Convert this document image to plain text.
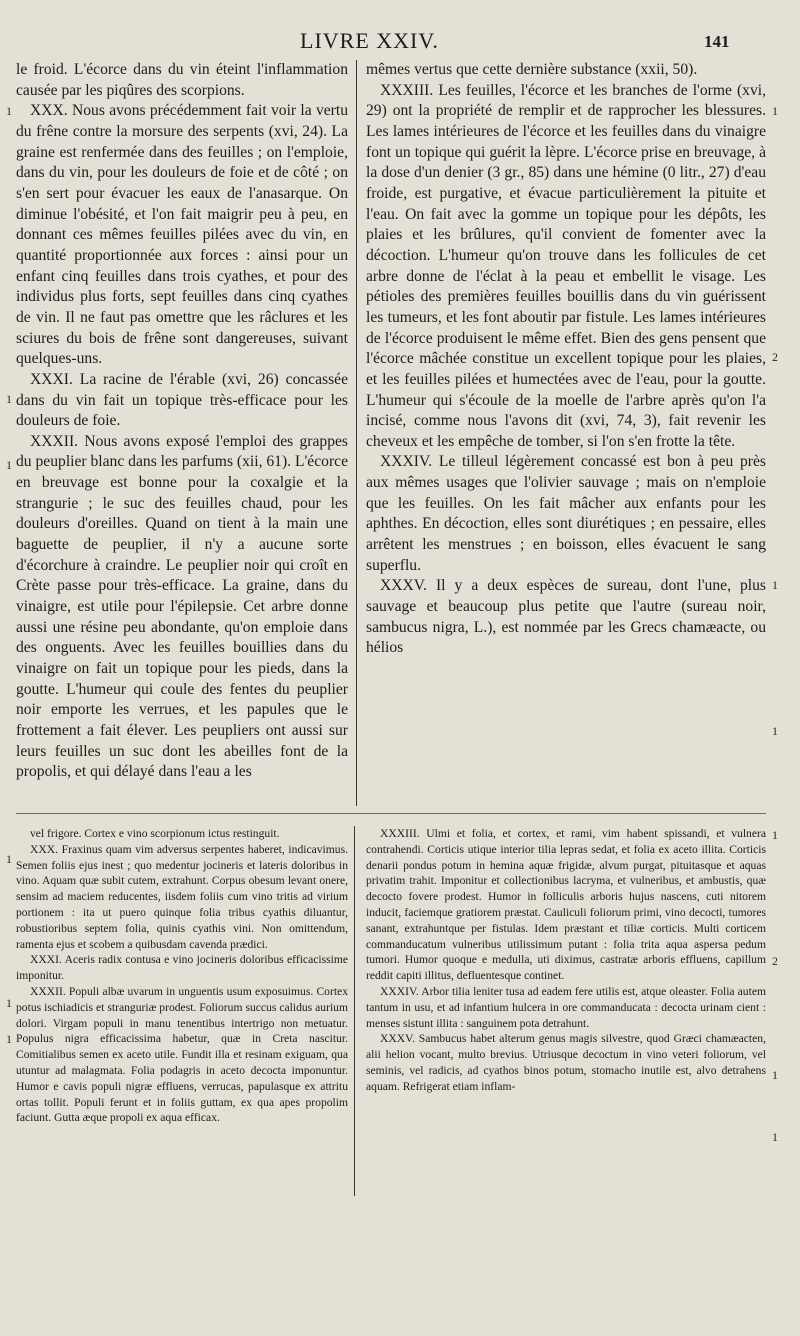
LIVRE XXIV.	141

le froid. L'écorce dans du vin éteint l'inflammation causée par les piqûres des scorpions.

XXX. Nous avons précédemment fait voir la vertu du frêne contre la morsure des serpents (xvi, 24). La graine est renfermée dans des feuilles ; on l'emploie, dans du vin, pour les douleurs de foie et de côté ; on s'en sert pour évacuer les eaux de l'anasarque. On diminue l'obésité, et l'on fait maigrir peu à peu, en donnant ces mêmes feuilles pilées avec du vin, en quantité proportionnée aux forces : ainsi pour un enfant cinq feuilles dans trois cyathes, et pour des individus plus forts, sept feuilles dans cinq cyathes de vin. Il ne faut pas omettre que les râclures et les sciures du bois de frêne sont dangereuses, suivant quelques-uns.

XXXI. La racine de l'érable (xvi, 26) concassée dans du vin fait un topique très-efficace pour les douleurs de foie.

XXXII. Nous avons exposé l'emploi des grappes du peuplier blanc dans les parfums (xii, 61). L'écorce en breuvage est bonne pour la coxalgie et la strangurie ; le suc des feuilles chaud, pour les douleurs d'oreilles. Quand on tient à la main une baguette de peuplier, il n'y a aucune sorte d'écorchure à craindre. Le peuplier noir qui croît en Crète passe pour très-efficace. La graine, dans du vinaigre, est utile pour l'épilepsie. Cet arbre donne aussi une résine peu abondante, qu'on emploie dans des onguents. Avec les feuilles bouillies dans du vinaigre on fait un topique pour les pieds, dans la goutte. L'humeur qui coule des fentes du peuplier noir emporte les verrues, et les papules que le frottement a fait élever. Les peupliers ont aussi sur leurs feuilles un suc dont les abeilles font de la propolis, et qui délayé dans l'eau a les

mêmes vertus que cette dernière substance (xxii, 50).

XXXIII. Les feuilles, l'écorce et les branches de l'orme (xvi, 29) ont la propriété de remplir et de rapprocher les blessures. Les lames intérieures de l'écorce et les feuilles dans du vinaigre font un topique qui guérit la lèpre. L'écorce prise en breuvage, à la dose d'un denier (3 gr., 85) dans une hémine (0 litr., 27) d'eau froide, est purgative, et évacue particulièrement la pituite et l'eau. On fait avec la gomme un topique pour les dépôts, les plaies et les brûlures, qu'il convient de fomenter avec la décoction. L'humeur qu'on trouve dans les follicules de cet arbre donne de l'éclat à la peau et embellit le visage. Les pétioles des premières feuilles bouillis dans du vin guérissent les tumeurs, et les font aboutir par fistule. Les lames intérieures de l'écorce produisent le même effet. Bien des gens pensent que l'écorce mâchée constitue un excellent topique pour les plaies, et les feuilles pilées et humectées avec de l'eau, pour la goutte. L'humeur qui s'écoule de la moelle de l'arbre après qu'on l'a incisé, comme nous l'avons dit (xvi, 74, 3), fait revenir les cheveux et les empêche de tomber, si l'on s'en frotte la tête.

XXXIV. Le tilleul légèrement concassé est bon à peu près aux mêmes usages que l'olivier sauvage ; mais on n'emploie que les feuilles. On les fait mâcher aux enfants pour les aphthes. En décoction, elles sont diurétiques ; en pessaire, elles arrêtent les menstrues ; en boisson, elles évacuent le sang superflu.

XXXV. Il y a deux espèces de sureau, dont l'une, plus sauvage et beaucoup plus petite que l'autre (sureau noir, sambucus nigra, L.), est nommée par les Grecs chamæacte, ou hélios

vel frigore. Cortex e vino scorpionum ictus restinguit.

XXX. Fraxinus quam vim adversus serpentes haberet, indicavimus. Semen foliis ejus inest ; quo medentur jocineris et lateris doloribus in vino. Aquam quæ subit cutem, extrahunt. Corpus obesum levant onere, sensim ad maciem reducentes, iisdem foliis cum vino tritis ad virium portionem : ita ut puero quinque folia tribus cyathis diluantur, robustioribus septem folia, quinis cyathis vini. Non omittendum, ramenta ejus et scobem a quibusdam cavenda prædici.

XXXI. Aceris radix contusa e vino jocineris doloribus efficacissime imponitur.

XXXII. Populi albæ uvarum in unguentis usum exposuimus. Cortex potus ischiadicis et stranguriæ prodest. Foliorum succus calidus aurium dolori. Virgam populi in manu tenentibus intertrigo non metuatur. Populus nigra efficacissima habetur, quæ in Creta nascitur. Comitialibus semen ex aceto utile. Fundit illa et resinam exiguam, qua utuntur ad malagmata. Folia podagris in aceto decocta imponuntur. Humor e cavis populi nigræ effluens, verrucas, papulasque ex attritu ortas tollit. Populi ferunt et in foliis guttam, ex qua apes propolim faciunt. Gutta æque propoli ex aqua efficax.

XXXIII. Ulmi et folia, et cortex, et rami, vim habent spissandi, et vulnera contrahendi. Corticis utique interior tilia lepras sedat, et folia ex aceto illita. Corticis denarii pondus potum in hemina aquæ frigidæ, alvum purgat, pituitasque et aquas privatim trahit. Imponitur et collectionibus lacryma, et vulneribus, et ambustis, quæ decocto fovere prodest. Humor in folliculis arboris hujus nascens, cuti nitorem inducit, faciemque gratiorem præstat. Cauliculi foliorum primi, vino decocti, tumores sanant, extrahuntque per fistulas. Idem præstant et tiliæ corticis. Multi corticem commanducatum vulneribus utilissimum putant : folia trita aqua aspersa pedum tumori. Humor quoque e medulla, uti diximus, castratæ arboris effluens, capillum reddit capiti illitus, defluentesque continet.

XXXIV. Arbor tilia leniter tusa ad eadem fere utilis est, atque oleaster. Folia autem tantum in usu, et ad infantium hulcera in ore commanducata : decocta urinam cient : menses sistunt illita : sanguinem pota detrahunt.

XXXV. Sambucus habet alterum genus magis silvestre, quod Græci chamæacten, alii helion vocant, multo brevius. Utriusque decoctum in vino veteri foliorum, vel seminis, vel radicis, ad cyathos binos potum, stomacho inutile est, alvo detrahens aquam. Refrigerat etiam inflam-

1
1
1
1
2
1
1
1
1
1
1
2
1
1
